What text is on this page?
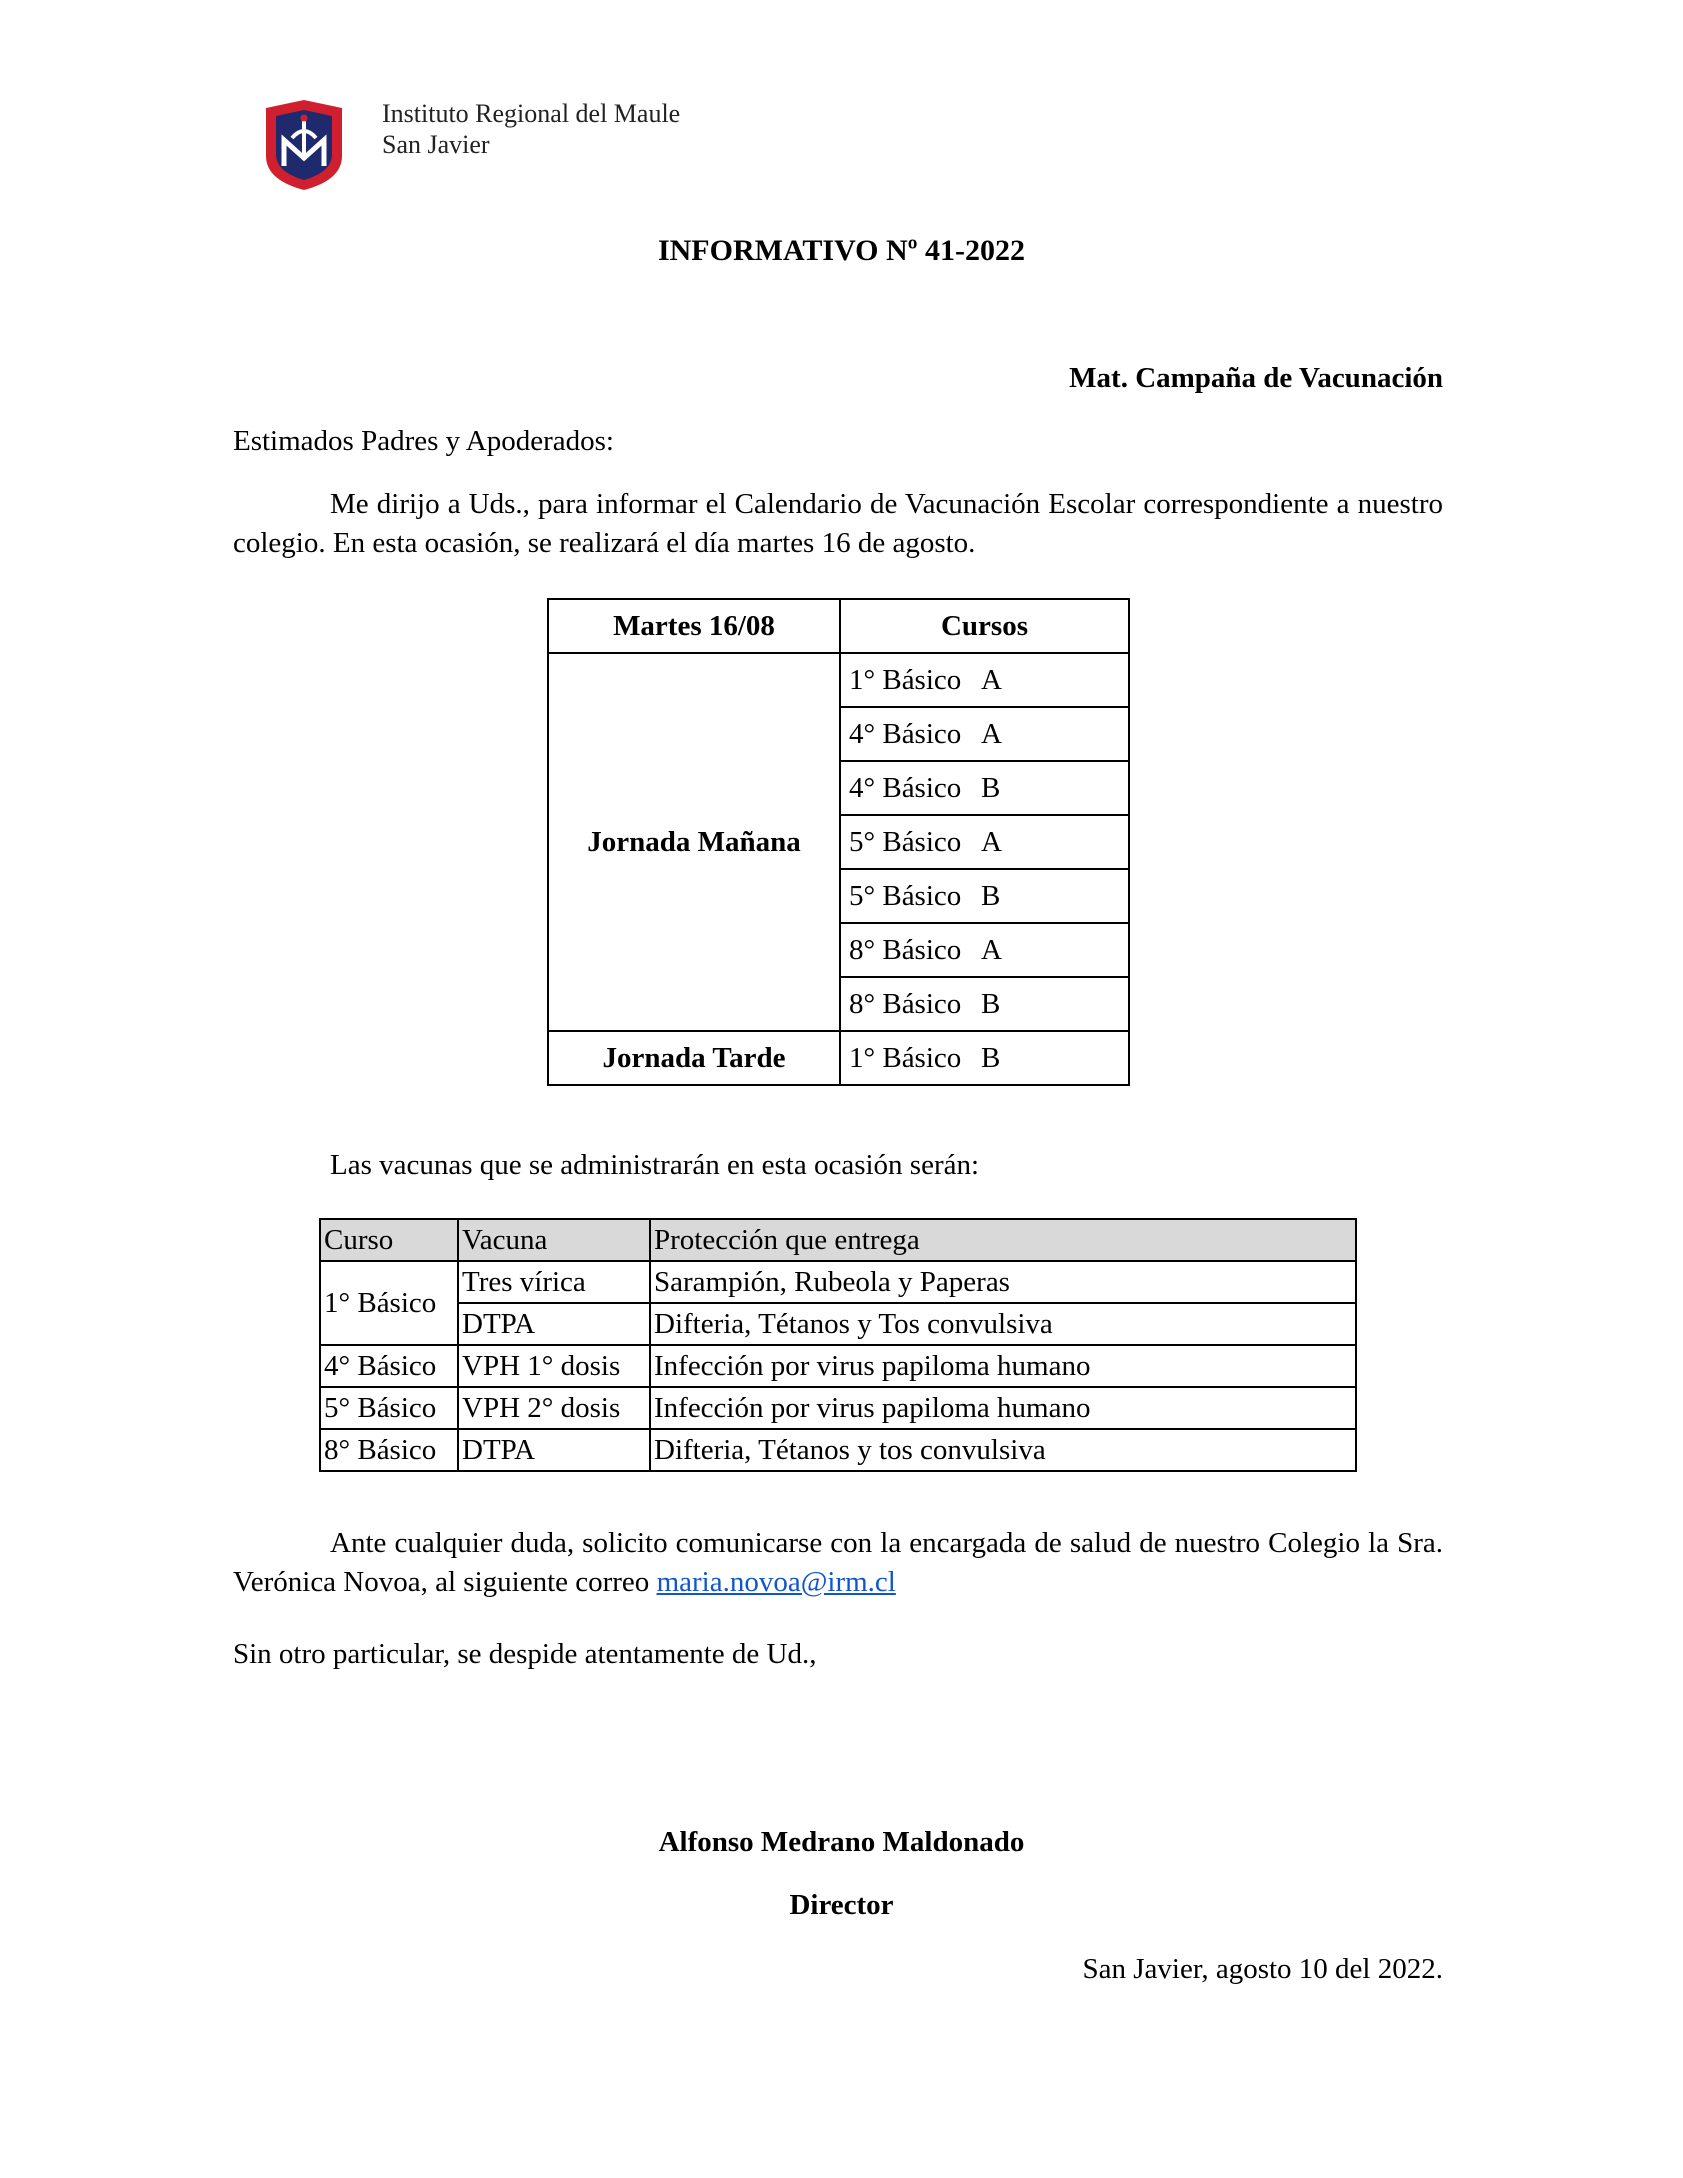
Instituto Regional del Maule
San Javier
INFORMATIVO Nº 41-2022
Mat. Campaña de Vacunación
Estimados Padres y Apoderados:
Me dirijo a Uds., para informar el Calendario de Vacunación Escolar correspondiente a nuestro colegio. En esta ocasión, se realizará el día martes 16 de agosto.
Martes 16/08	Cursos
Jornada Mañana	1° Básico A
	4° Básico A
	4° Básico B
	5° Básico A
	5° Básico B
	8° Básico A
	8° Básico B
Jornada Tarde	1° Básico B
Las vacunas que se administrarán en esta ocasión serán:
Curso	Vacuna	Protección que entrega
1° Básico	Tres vírica	Sarampión, Rubeola y Paperas
	DTPA	Difteria, Tétanos y Tos convulsiva
4° Básico	VPH 1° dosis	Infección por virus papiloma humano
5° Básico	VPH 2° dosis	Infección por virus papiloma humano
8° Básico	DTPA	Difteria, Tétanos y tos convulsiva
Ante cualquier duda, solicito comunicarse con la encargada de salud de nuestro Colegio la Sra. Verónica Novoa, al siguiente correo maria.novoa@irm.cl
Sin otro particular, se despide atentamente de Ud.,
Alfonso Medrano Maldonado
Director
San Javier, agosto 10 del 2022.
